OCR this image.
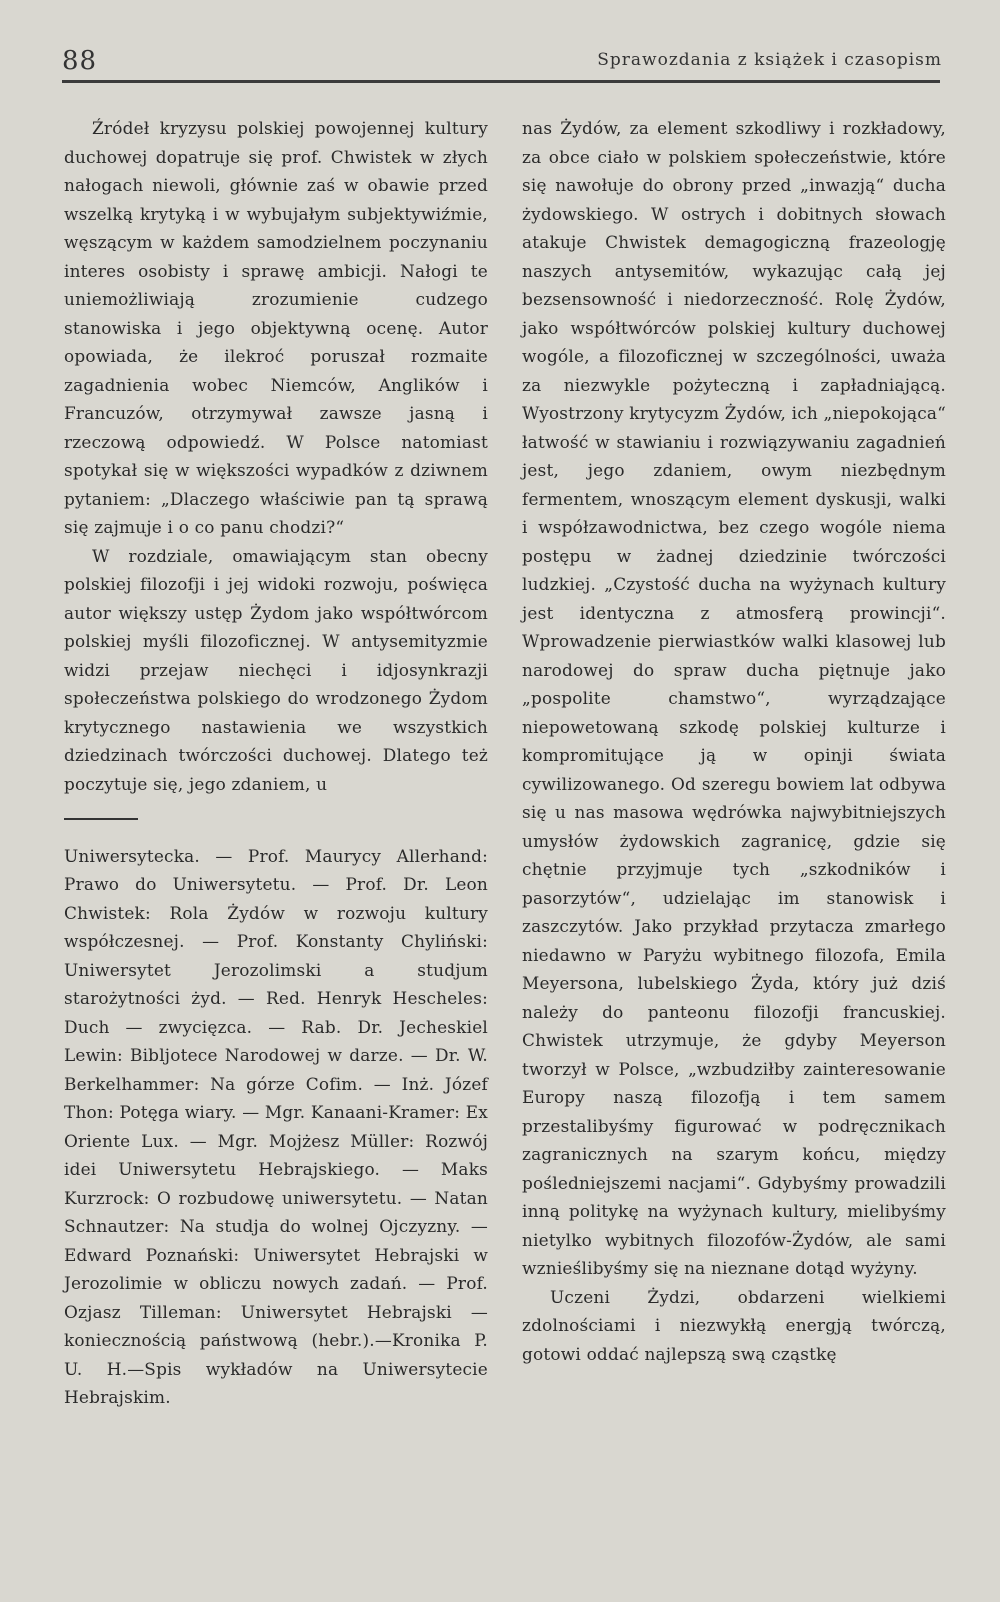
88	Sprawozdania z książek i czasopism

Źródeł kryzysu polskiej powojennej kultury duchowej dopatruje się prof. Chwistek w złych nałogach niewoli, głównie zaś w obawie przed wszelką krytyką i w wybujałym subjektywiźmie, węszącym w każdem samodzielnem poczynaniu interes osobisty i sprawę ambicji. Nałogi te uniemożliwiają zrozumienie cudzego stanowiska i jego objektywną ocenę. Autor opowiada, że ilekroć poruszał rozmaite zagadnienia wobec Niemców, Anglików i Francuzów, otrzymywał zawsze jasną i rzeczową odpowiedź. W Polsce natomiast spotykał się w większości wypadków z dziwnem pytaniem: „Dlaczego właściwie pan tą sprawą się zajmuje i o co panu chodzi?“

W rozdziale, omawiającym stan obecny polskiej filozofji i jej widoki rozwoju, poświęca autor większy ustęp Żydom jako współtwórcom polskiej myśli filozoficznej. W antysemityzmie widzi przejaw niechęci i idjosynkrazji społeczeństwa polskiego do wrodzonego Żydom krytycznego nastawienia we wszystkich dziedzinach twórczości duchowej. Dlatego też poczytuje się, jego zdaniem, u

Uniwersytecka. — Prof. Maurycy Allerhand: Prawo do Uniwersytetu. — Prof. Dr. Leon Chwistek: Rola Żydów w rozwoju kultury współczesnej. — Prof. Konstanty Chyliński: Uniwersytet Jerozolimski a studjum starożytności żyd. — Red. Henryk Hescheles: Duch — zwycięzca. — Rab. Dr. Jecheskiel Lewin: Bibljotece Narodowej w darze. — Dr. W. Berkelhammer: Na górze Cofim. — Inż. Józef Thon: Potęga wiary. — Mgr. Kanaani-Kramer: Ex Oriente Lux. — Mgr. Mojżesz Müller: Rozwój idei Uniwersytetu Hebrajskiego. — Maks Kurzrock: O rozbudowę uniwersytetu. — Natan Schnautzer: Na studja do wolnej Ojczyzny. — Edward Poznański: Uniwersytet Hebrajski w Jerozolimie w obliczu nowych zadań. — Prof. Ozjasz Tilleman: Uniwersytet Hebrajski — koniecznością państwową (hebr.).—Kronika P. U. H.—Spis wykładów na Uniwersytecie Hebrajskim.

nas Żydów, za element szkodliwy i rozkładowy, za obce ciało w polskiem społeczeństwie, które się nawołuje do obrony przed „inwazją“ ducha żydowskiego. W ostrych i dobitnych słowach atakuje Chwistek demagogiczną frazeologję naszych antysemitów, wykazując całą jej bezsensowność i niedorzeczność. Rolę Żydów, jako współtwórców polskiej kultury duchowej wogóle, a filozoficznej w szczególności, uważa za niezwykle pożyteczną i zapładniającą. Wyostrzony krytycyzm Żydów, ich „niepokojąca“ łatwość w stawianiu i rozwiązywaniu zagadnień jest, jego zdaniem, owym niezbędnym fermentem, wnoszącym element dyskusji, walki i współzawodnictwa, bez czego wogóle niema postępu w żadnej dziedzinie twórczości ludzkiej. „Czystość ducha na wyżynach kultury jest identyczna z atmosferą prowincji“. Wprowadzenie pierwiastków walki klasowej lub narodowej do spraw ducha piętnuje jako „pospolite chamstwo“, wyrządzające niepowetowaną szkodę polskiej kulturze i kompromitujące ją w opinji świata cywilizowanego. Od szeregu bowiem lat odbywa się u nas masowa wędrówka najwybitniejszych umysłów żydowskich zagranicę, gdzie się chętnie przyjmuje tych „szkodników i pasorzytów“, udzielając im stanowisk i zaszczytów. Jako przykład przytacza zmarłego niedawno w Paryżu wybitnego filozofa, Emila Meyersona, lubelskiego Żyda, który już dziś należy do panteonu filozofji francuskiej. Chwistek utrzymuje, że gdyby Meyerson tworzył w Polsce, „wzbudziłby zainteresowanie Europy naszą filozofją i tem samem przestalibyśmy figurować w podręcznikach zagranicznych na szarym końcu, między pośledniejszemi nacjami“. Gdybyśmy prowadzili inną politykę na wyżynach kultury, mielibyśmy nietylko wybitnych filozofów-Żydów, ale sami wznieślibyśmy się na nieznane dotąd wyżyny.

Uczeni Żydzi, obdarzeni wielkiemi zdolnościami i niezwykłą energją twórczą, gotowi oddać najlepszą swą cząstkę
